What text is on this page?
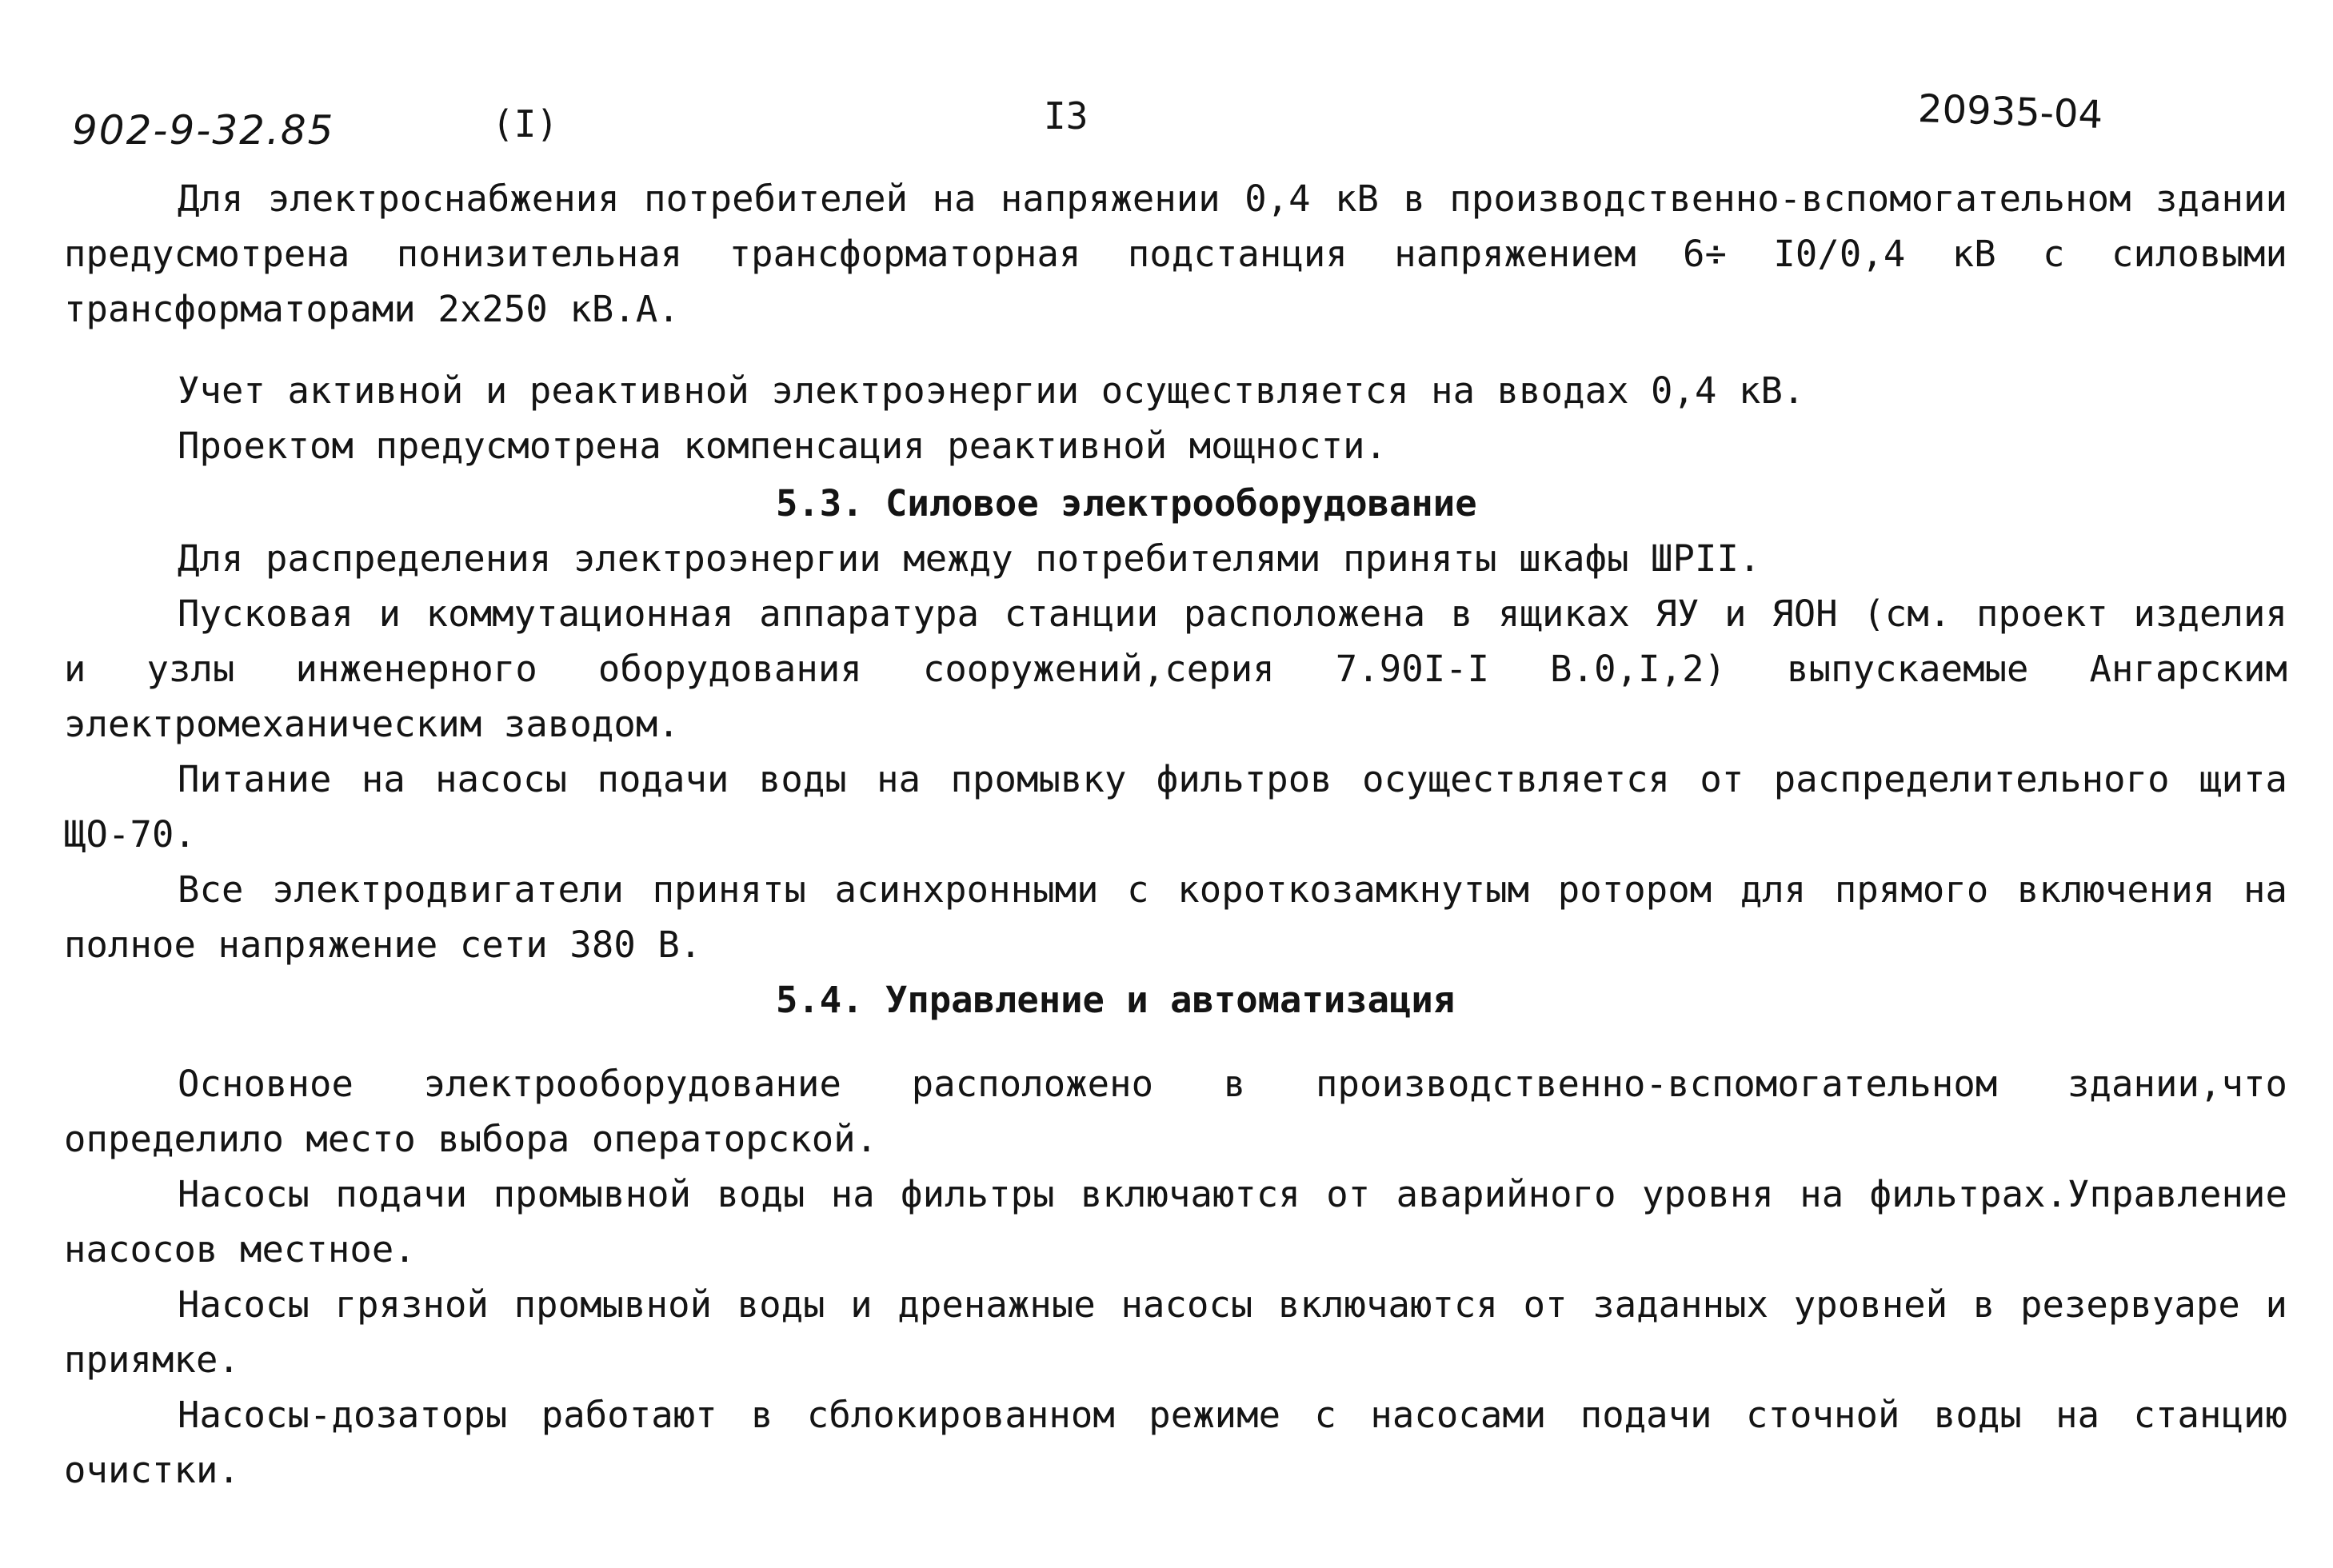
902-9-32.85	(I)	I3	20935-04

Для электроснабжения потребителей на напряжении 0,4 кВ в производственно-вспомогательном здании предусмотрена понизительная трансформаторная подстанция напряжением 6÷ I0/0,4 кВ с силовыми трансформаторами 2х250 кВ.А.

Учет активной и реактивной электроэнергии осуществляется на вводах 0,4 кВ.

Проектом предусмотрена компенсация реактивной мощности.

5.3. Силовое электрооборудование

Для распределения электроэнергии между потребителями приняты шкафы ШРII.

Пусковая и коммутационная аппаратура станции расположена в ящиках ЯУ и ЯОН (см. проект изделия и узлы инженерного оборудования сооружений,серия 7.90I-I В.0,I,2) выпускаемые Ангарским электромеханическим заводом.

Питание на насосы подачи воды на промывку фильтров осуществляется от распределительного щита ЩО-70.

Все электродвигатели приняты асинхронными с короткозамкнутым ротором для прямого включения на полное напряжение сети 380 В.

5.4. Управление и автоматизация

Основное электрооборудование расположено в производственно-вспомогательном здании,что определило место выбора операторской.

Насосы подачи промывной воды на фильтры включаются от аварийного уровня на фильтрах.Управление насосов местное.

Насосы грязной промывной воды и дренажные насосы включаются от заданных уровней в резервуаре и приямке.

Насосы-дозаторы работают в сблокированном режиме с насосами подачи сточной воды на станцию очистки.
